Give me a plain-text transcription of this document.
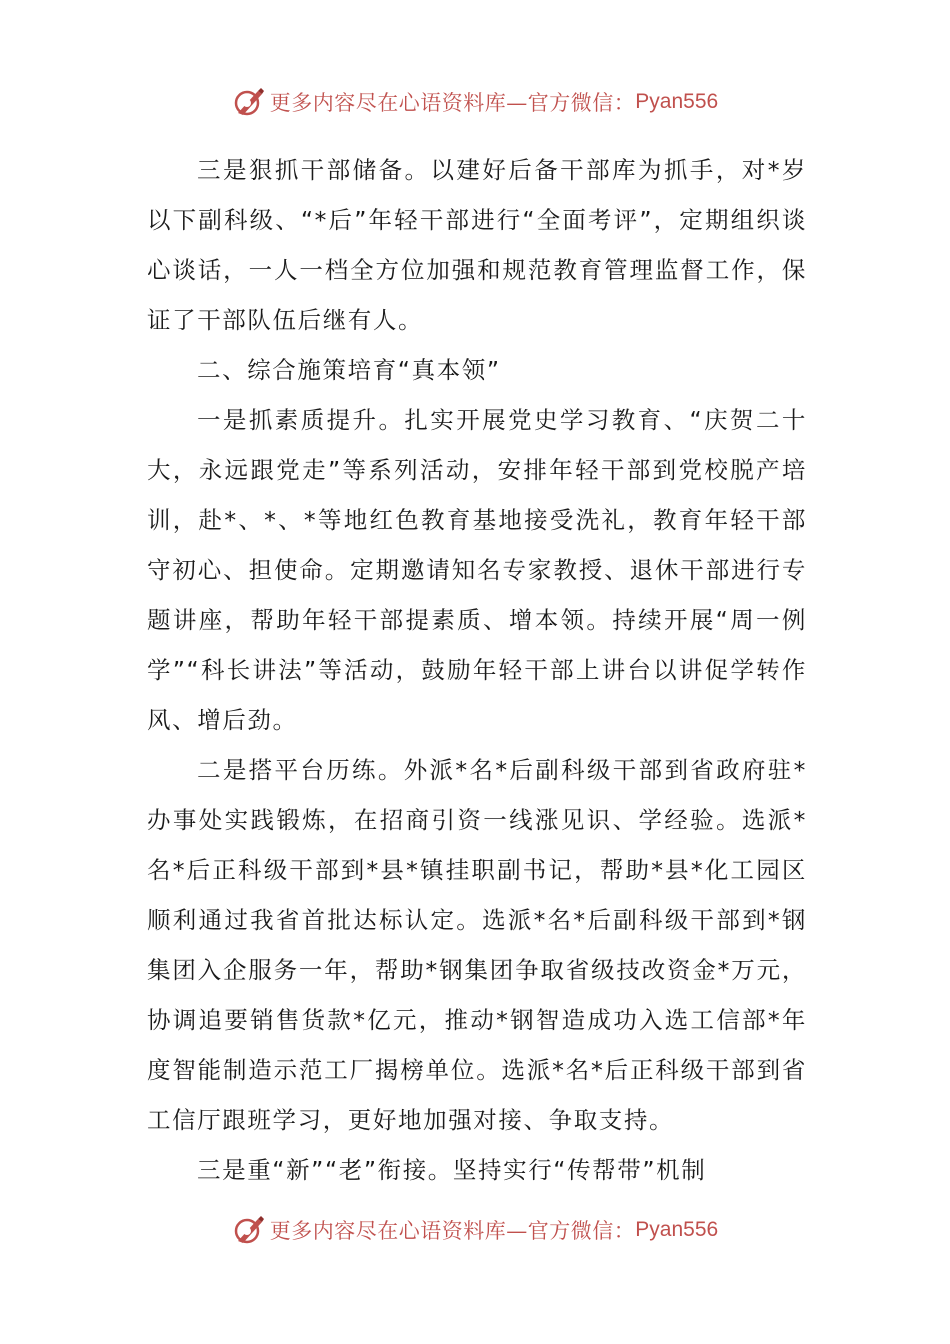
更多内容尽在心语资料库—官方微信： Pyan556

三是狠抓干部储备。以建好后备干部库为抓手，对*岁以下副科级、“*后”年轻干部进行“全面考评”，定期组织谈心谈话，一人一档全方位加强和规范教育管理监督工作，保证了干部队伍后继有人。

二、综合施策培育“真本领”

一是抓素质提升。扎实开展党史学习教育、“庆贺二十大，永远跟党走”等系列活动，安排年轻干部到党校脱产培训，赴*、*、*等地红色教育基地接受洗礼，教育年轻干部守初心、担使命。定期邀请知名专家教授、退休干部进行专题讲座，帮助年轻干部提素质、增本领。持续开展“周一例学”“科长讲法”等活动，鼓励年轻干部上讲台以讲促学转作风、增后劲。

二是搭平台历练。外派*名*后副科级干部到省政府驻*办事处实践锻炼，在招商引资一线涨见识、学经验。选派*名*后正科级干部到*县*镇挂职副书记，帮助*县*化工园区顺利通过我省首批达标认定。选派*名*后副科级干部到*钢集团入企服务一年，帮助*钢集团争取省级技改资金*万元，协调追要销售货款*亿元，推动*钢智造成功入选工信部*年度智能制造示范工厂揭榜单位。选派*名*后正科级干部到省工信厅跟班学习，更好地加强对接、争取支持。

三是重“新”“老”衔接。坚持实行“传帮带”机制

更多内容尽在心语资料库—官方微信： Pyan556
